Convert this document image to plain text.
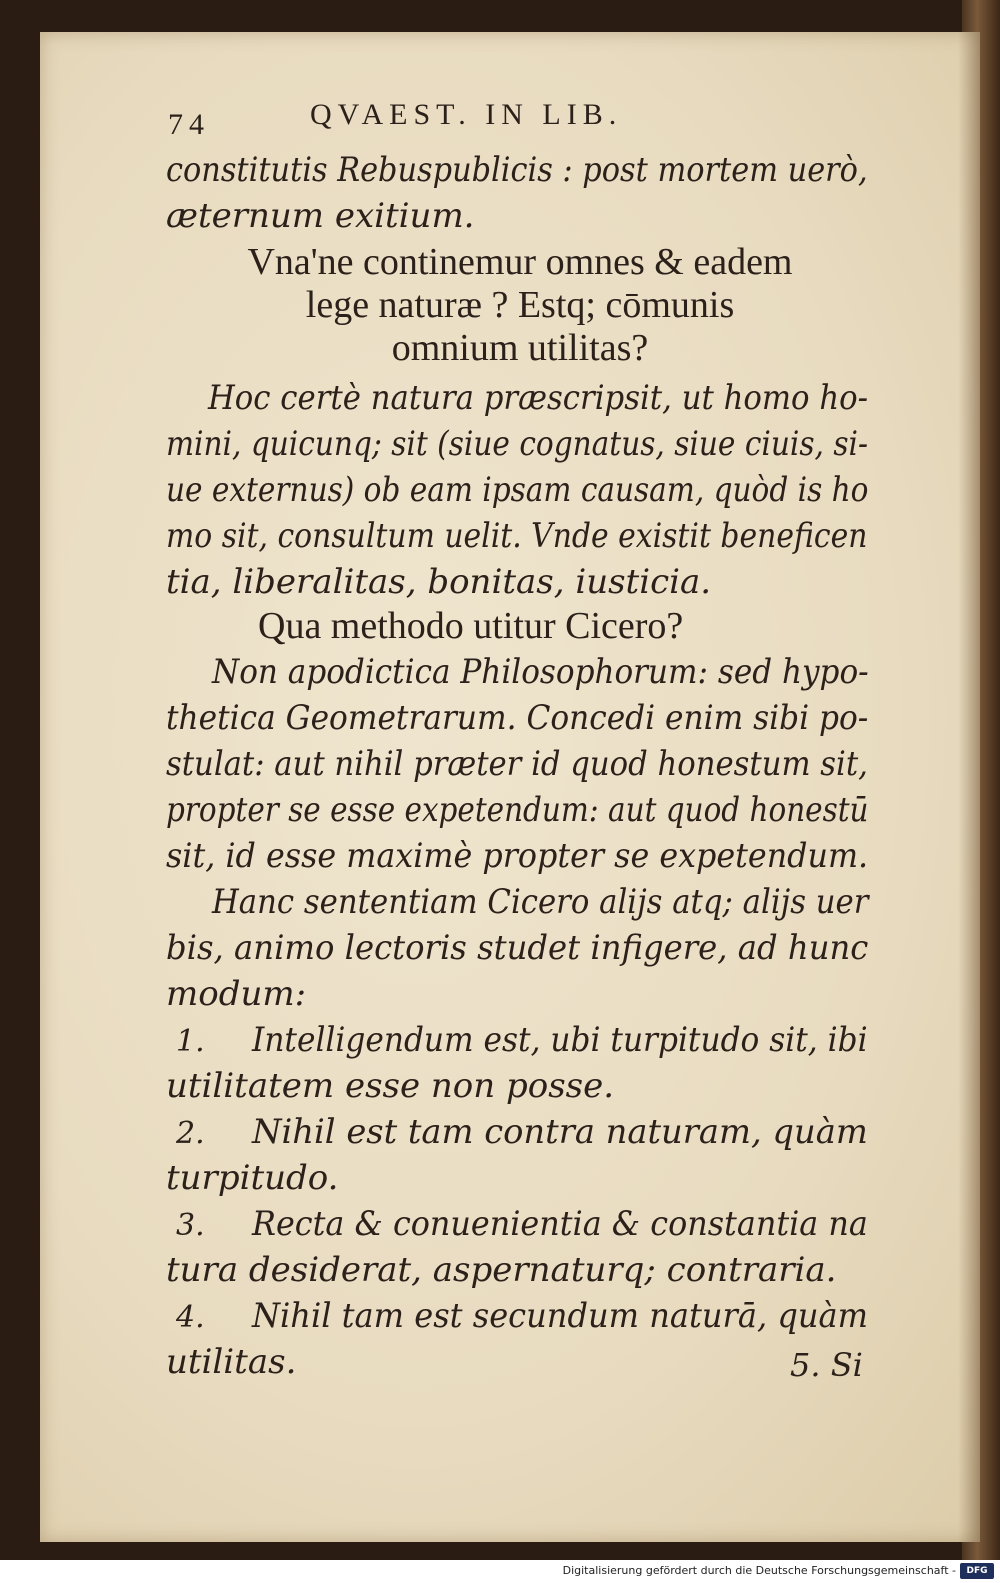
74	QVAEST. IN LIB.
constitutis Rebuspublicis : post mortem uerò,
æternum exitium.
Vna'ne continemur omnes & eadem
lege naturæ ? Estq; cōmunis
omnium utilitas?
Hoc certè natura præscripsit, ut homo ho-
mini, quicunq; sit (siue cognatus, siue ciuis, si-
ue externus) ob eam ipsam causam, quòd is ho
mo sit, consultum uelit. Vnde existit beneficen
tia, liberalitas, bonitas, iusticia.
Qua methodo utitur Cicero?
Non apodictica Philosophorum: sed hypo-
thetica Geometrarum. Concedi enim sibi po-
stulat: aut nihil præter id quod honestum sit,
propter se esse expetendum: aut quod honestū
sit, id esse maximè propter se expetendum.
Hanc sententiam Cicero aliјs atq; aliјs uer
bis, animo lectoris studet infigere, ad hunc
modum:
1. Intelligendum est, ubi turpitudo sit, ibi
utilitatem esse non posse.
2. Nihil est tam contra naturam, quàm
turpitudo.
3. Recta & conuenientia & constantia na
tura desiderat, aspernaturq; contraria.
4. Nihil tam est secundum naturā, quàm
utilitas.	5. Si
Digitalisierung gefördert durch die Deutsche Forschungsgemeinschaft -	DFG
